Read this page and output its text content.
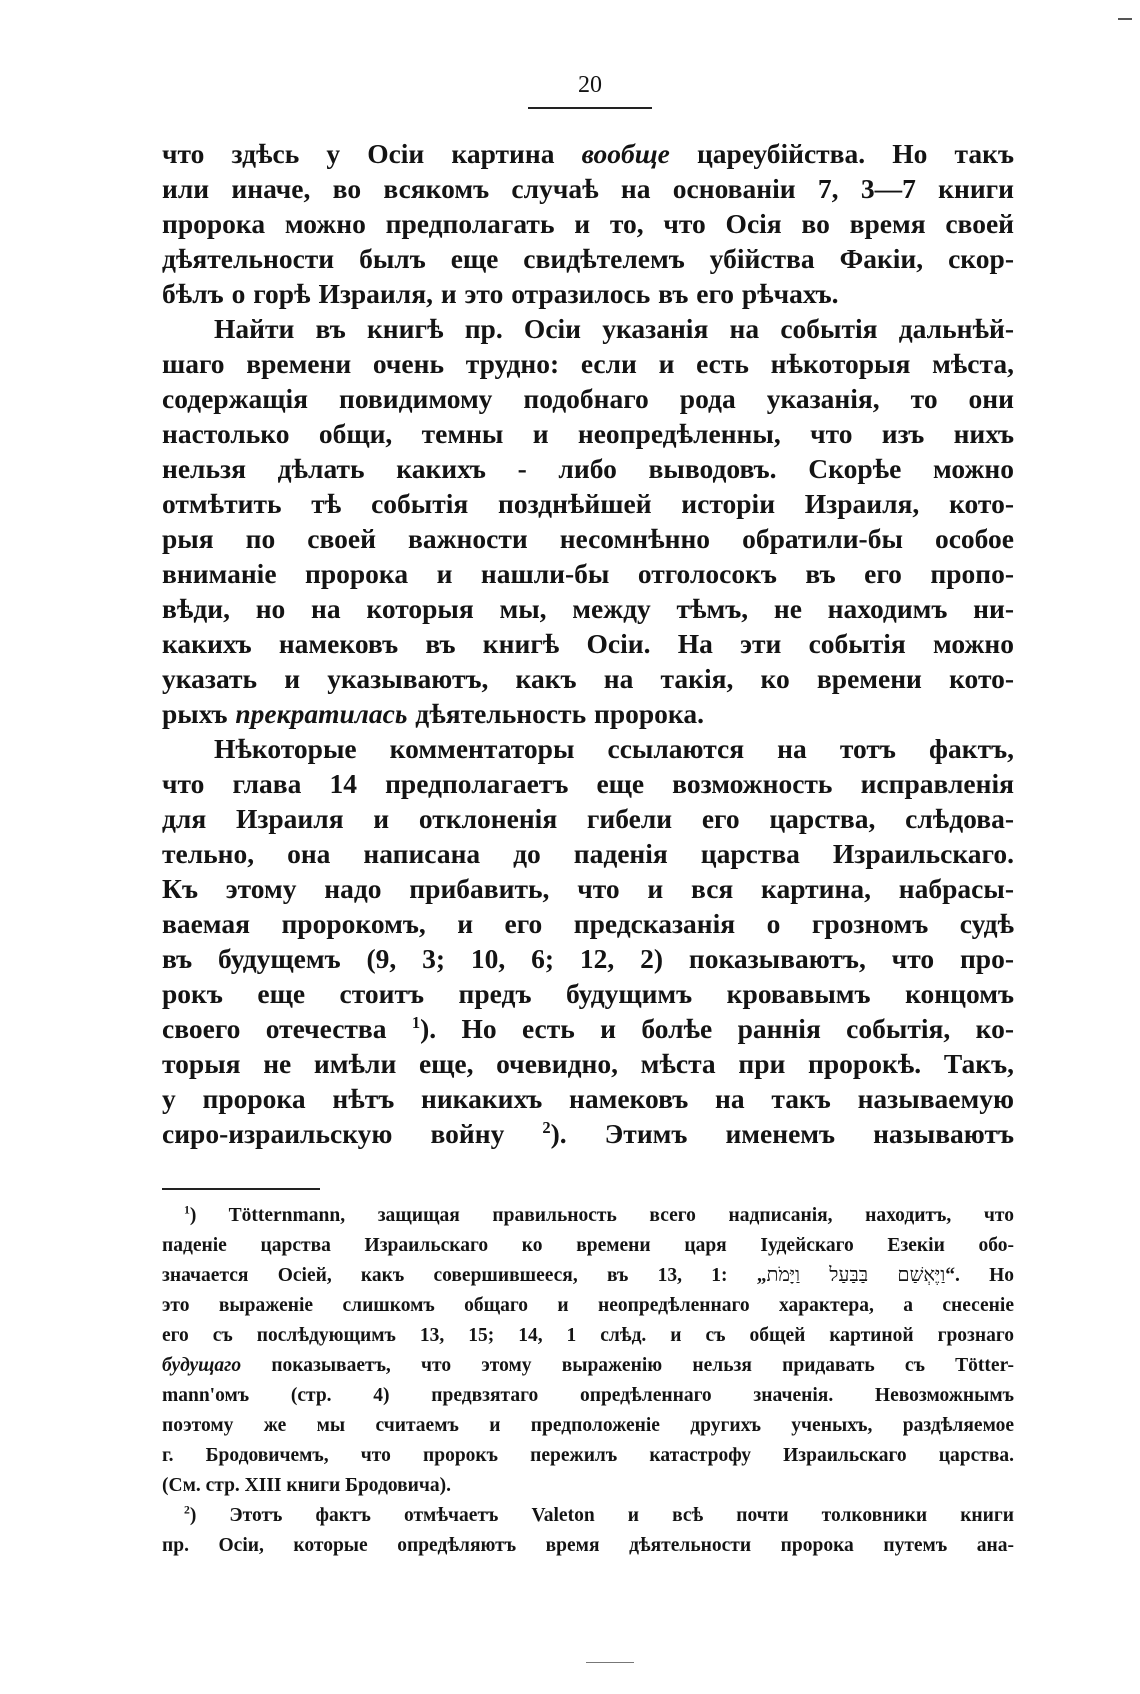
20

что здѣсь у Осіи картина вообще цареубійства. Но такъ

или иначе, во всякомъ случаѣ на основаніи 7, 3—7 книги

пророка можно предполагать и то, что Осія во время своей

дѣятельности былъ еще свидѣтелемъ убійства Факіи, скор-

бѣлъ о горѣ Израиля, и это отразилось въ его рѣчахъ.

Найти въ книгѣ пр. Осіи указанія на событія дальнѣй-

шаго времени очень трудно: если и есть нѣкоторыя мѣста,

содержащія повидимому подобнаго рода указанія, то они

настолько общи, темны и неопредѣленны, что изъ нихъ

нельзя дѣлать какихъ - либо выводовъ. Скорѣе можно

отмѣтить тѣ событія позднѣйшей исторіи Израиля, кото-

рыя по своей важности несомнѣнно обратили-бы особое

вниманіе пророка и нашли-бы отголосокъ въ его пропо-

вѣди, но на которыя мы, между тѣмъ, не находимъ ни-

какихъ намековъ въ книгѣ Осіи. На эти событія можно

указать и указываютъ, какъ на такія, ко времени кото-

рыхъ прекратилась дѣятельность пророка.

Нѣкоторые комментаторы ссылаются на тотъ фактъ,

что глава 14 предполагаетъ еще возможность исправленія

для Израиля и отклоненія гибели его царства, слѣдова-

тельно, она написана до паденія царства Израильскаго.

Къ этому надо прибавить, что и вся картина, набрасы-

ваемая пророкомъ, и его предсказанія о грозномъ судѣ

въ будущемъ (9, 3; 10, 6; 12, 2) показываютъ, что про-

рокъ еще стоитъ предъ будущимъ кровавымъ концомъ

своего отечества $^1$). Но есть и болѣе раннія событія, ко-

торыя не имѣли еще, очевидно, мѣста при пророкѣ. Такъ,

у пророка нѣтъ никакихъ намековъ на такъ называемую

сиро-израильскую войну $^2$). Этимъ именемъ называютъ

$^1$) Tötternmann, защищая правильность всего надписанія, находитъ, что

паденіе царства Израильскаго ко времени царя Іудейскаго Езекіи обо-

значается Осіей, какъ совершившееся, въ 13, 1: „וַיֶּאְשַׁם בַּבַּעַל וַיָּמֹת“. Но

это выраженіе слишкомъ общаго и неопредѣленнаго характера, а снесеніе

его съ послѣдующимъ 13, 15; 14, 1 слѣд. и съ общей картиной грознаго

будущаго показываетъ, что этому выраженію нельзя придавать съ Tötter-

mann'омъ (стр. 4) предвзятаго опредѣленнаго значенія. Невозможнымъ

поэтому же мы считаемъ и предположеніе другихъ ученыхъ, раздѣляемое

г. Бродовичемъ, что пророкъ пережилъ катастрофу Израильскаго царства.

(См. стр. XIII книги Бродовича).

$^2$) Этотъ фактъ отмѣчаетъ Valeton и всѣ почти толковники книги

пр. Осіи, которые опредѣляютъ время дѣятельности пророка путемъ ана-
